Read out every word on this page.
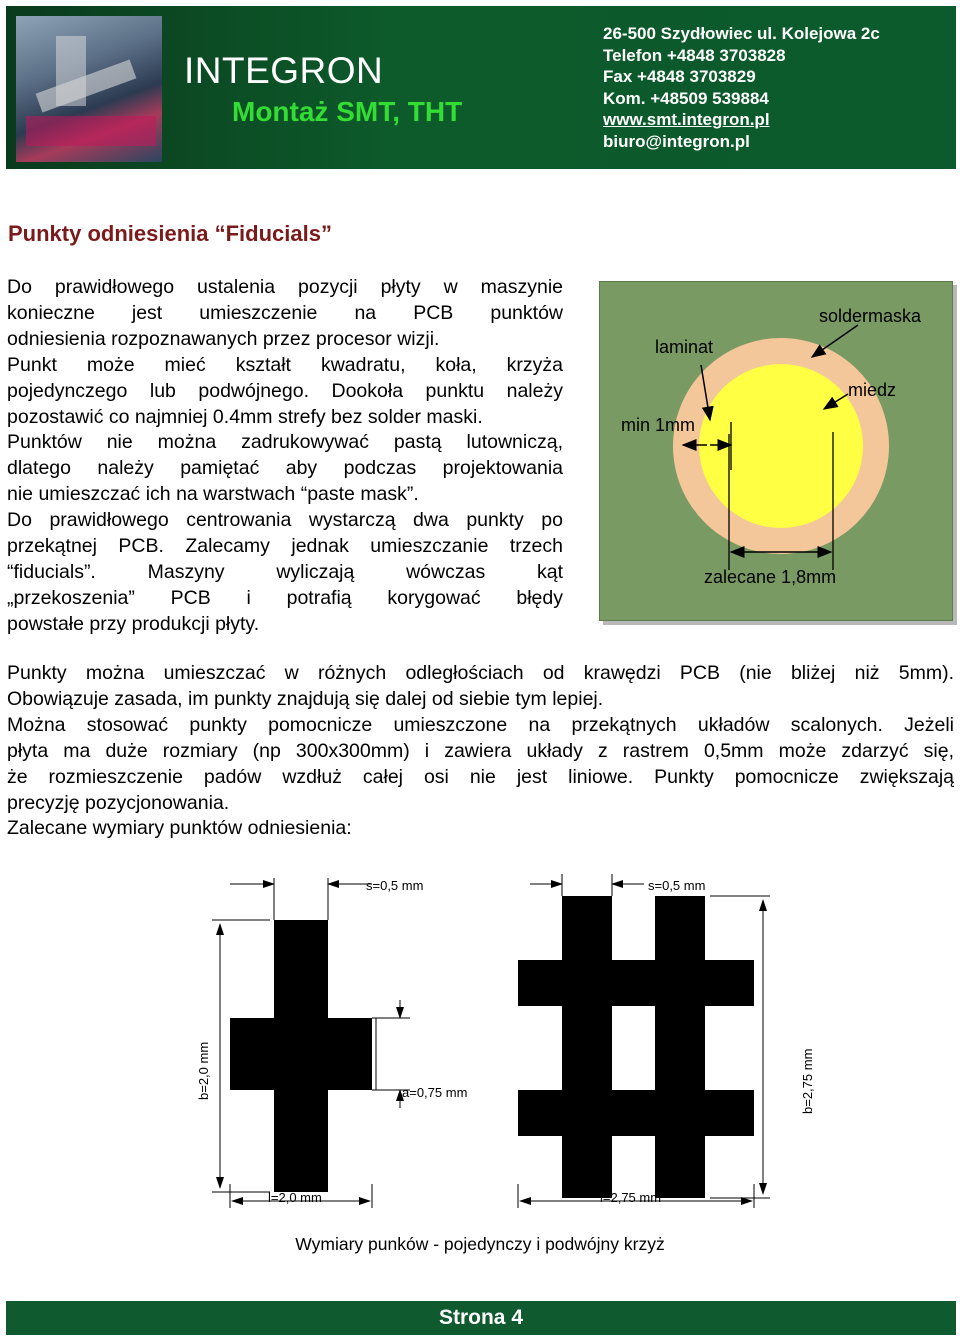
INTEGRON
Montaż SMT, THT
26-500 Szydłowiec ul. Kolejowa 2c
Telefon +4848 3703828
Fax +4848 3703829
Kom. +48509 539884
www.smt.integron.pl
biuro@integron.pl
Punkty odniesienia “Fiducials”

Do prawidłowego ustalenia pozycji płyty w maszynie

konieczne jest umieszczenie na PCB punktów

odniesienia rozpoznawanych przez procesor wizji.

Punkt może mieć kształt kwadratu, koła, krzyża

pojedynczego lub podwójnego. Dookoła punktu należy

pozostawić co najmniej 0.4mm strefy bez solder maski.

Punktów nie można zadrukowywać pastą lutowniczą,

dlatego należy pamiętać aby podczas projektowania

nie umieszczać ich na warstwach “paste mask”.

Do prawidłowego centrowania wystarczą dwa punkty po

przekątnej PCB. Zalecamy jednak umieszczanie trzech

“fiducials”. Maszyny wyliczają wówczas kąt

„przekoszenia” PCB i potrafią korygować błędy

powstałe przy produkcji płyty.

soldermaska
laminat
miedz
min 1mm
zalecane 1,8mm

Punkty można umieszczać w różnych odległościach od krawędzi PCB (nie bliżej niż 5mm).

Obowiązuje zasada, im punkty znajdują się dalej od siebie tym lepiej.

Można stosować punkty pomocnicze umieszczone na przekątnych układów scalonych. Jeżeli

płyta ma duże rozmiary (np 300x300mm) i zawiera układy z rastrem 0,5mm może zdarzyć się,

że rozmieszczenie padów wzdłuż całej osi nie jest liniowe. Punkty pomocnicze zwiększają

precyzję pozycjonowania.

Zalecane wymiary punktów odniesienia:

s=0,5 mm
b=2,0 mm	a=0,75 mm
l=2,0 mm
s=0,5 mm
b=2,75 mm
l=2,75 mm
Wymiary punków - pojedynczy i podwójny krzyż
Strona 4
